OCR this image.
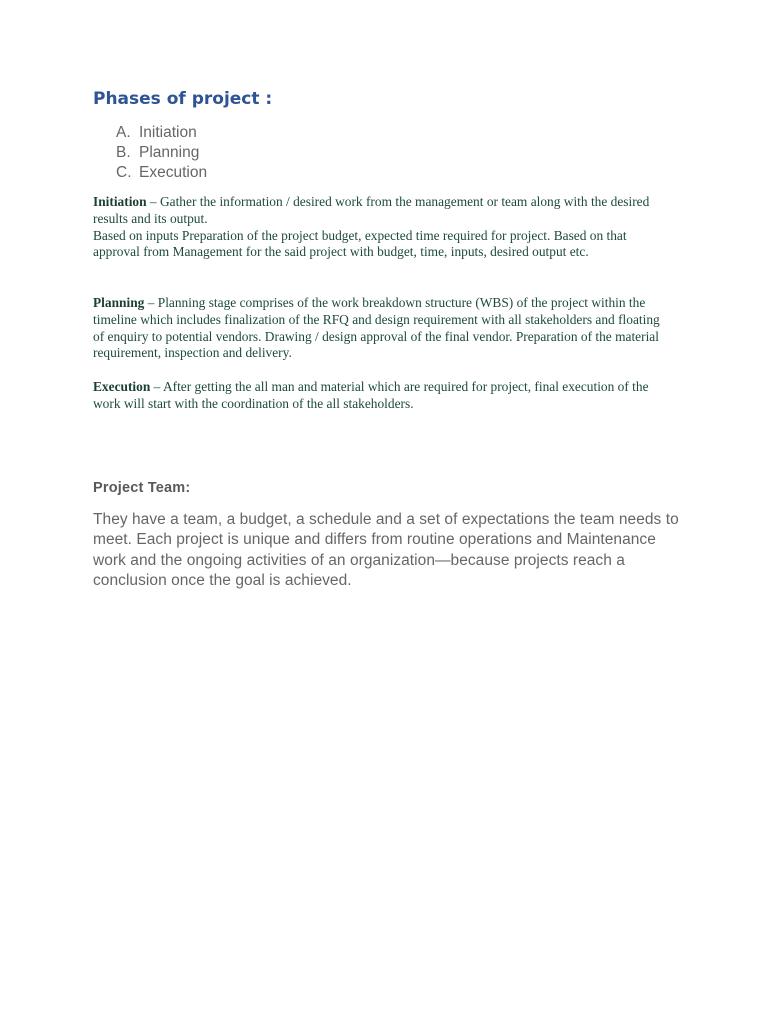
Phases of project :
A. Initiation
B. Planning
C. Execution
Initiation – Gather the information / desired work from the management or team along with the desired results and its output.
Based on inputs Preparation of the project budget, expected time required for project. Based on that approval from Management for the said project with budget, time, inputs, desired output etc.
Planning – Planning stage comprises of the work breakdown structure (WBS) of the project within the timeline which includes finalization of the RFQ and design requirement with all stakeholders and floating of enquiry to potential vendors. Drawing / design approval of the final vendor. Preparation of the material requirement, inspection and delivery.
Execution – After getting the all man and material which are required for project, final execution of the work will start with the coordination of the all stakeholders.
Project Team:

They have a team, a budget, a schedule and a set of expectations the team needs to meet. Each project is unique and differs from routine operations and Maintenance work and the ongoing activities of an organization—because projects reach a conclusion once the goal is achieved.
